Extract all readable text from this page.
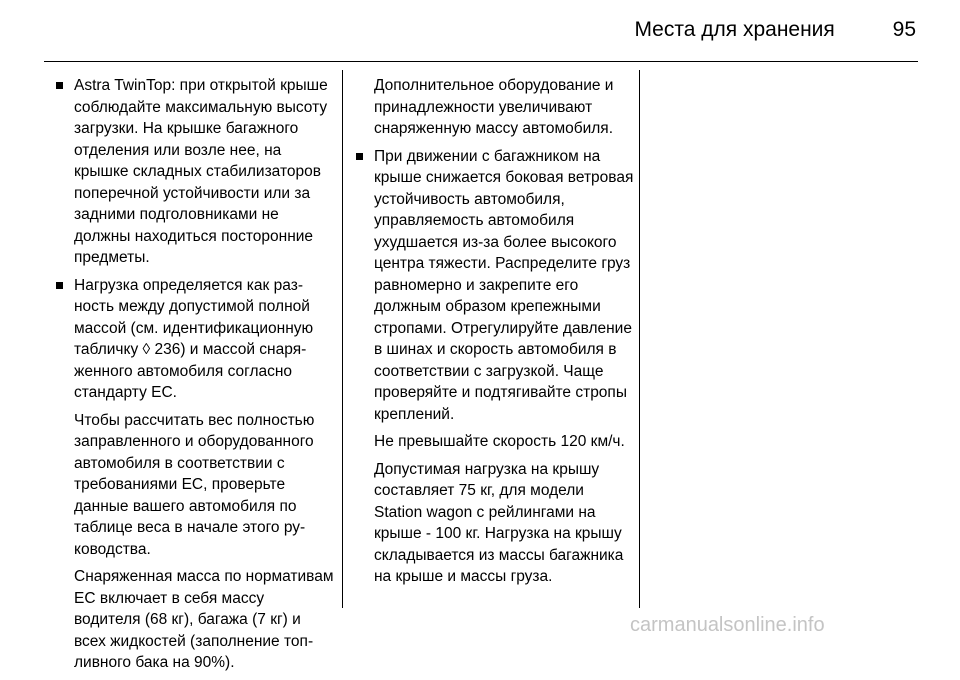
Места для хранения	95
Astra TwinTop: при открытой крыше соблюдайте максимальную высоту загрузки. На крышке багажного отделения или возле нее, на крышке складных стабилизаторов поперечной устойчивости или за задними подголовниками не должны находиться посторонние предметы.
Нагрузка определяется как разность между допустимой полной массой (см. идентификационную табличку ◊ 236) и массой снаряженного автомобиля согласно стандарту ЕС.

Чтобы рассчитать вес полностью заправленного и оборудованного автомобиля в соответствии с требованиями ЕС, проверьте данные вашего автомобиля по таблице веса в начале этого руководства.

Снаряженная масса по нормативам ЕС включает в себя массу водителя (68 кг), багажа (7 кг) и всех жидкостей (заполнение топливного бака на 90%).

Дополнительное оборудование и принадлежности увеличивают снаряженную массу автомобиля.

При движении с багажником на крыше снижается боковая ветровая устойчивость автомобиля, управляемость автомобиля ухудшается из-за более высокого центра тяжести. Распределите груз равномерно и закрепите его должным образом крепежными стропами. Отрегулируйте давление в шинах и скорость автомобиля в соответствии с загрузкой. Чаще проверяйте и подтягивайте стропы креплений.

Не превышайте скорость 120 км/ч.

Допустимая нагрузка на крышу составляет 75 кг, для модели Station wagon с рейлингами на крыше - 100 кг. Нагрузка на крышу складывается из массы багажника на крыше и массы груза.

carmanualsonline.info
